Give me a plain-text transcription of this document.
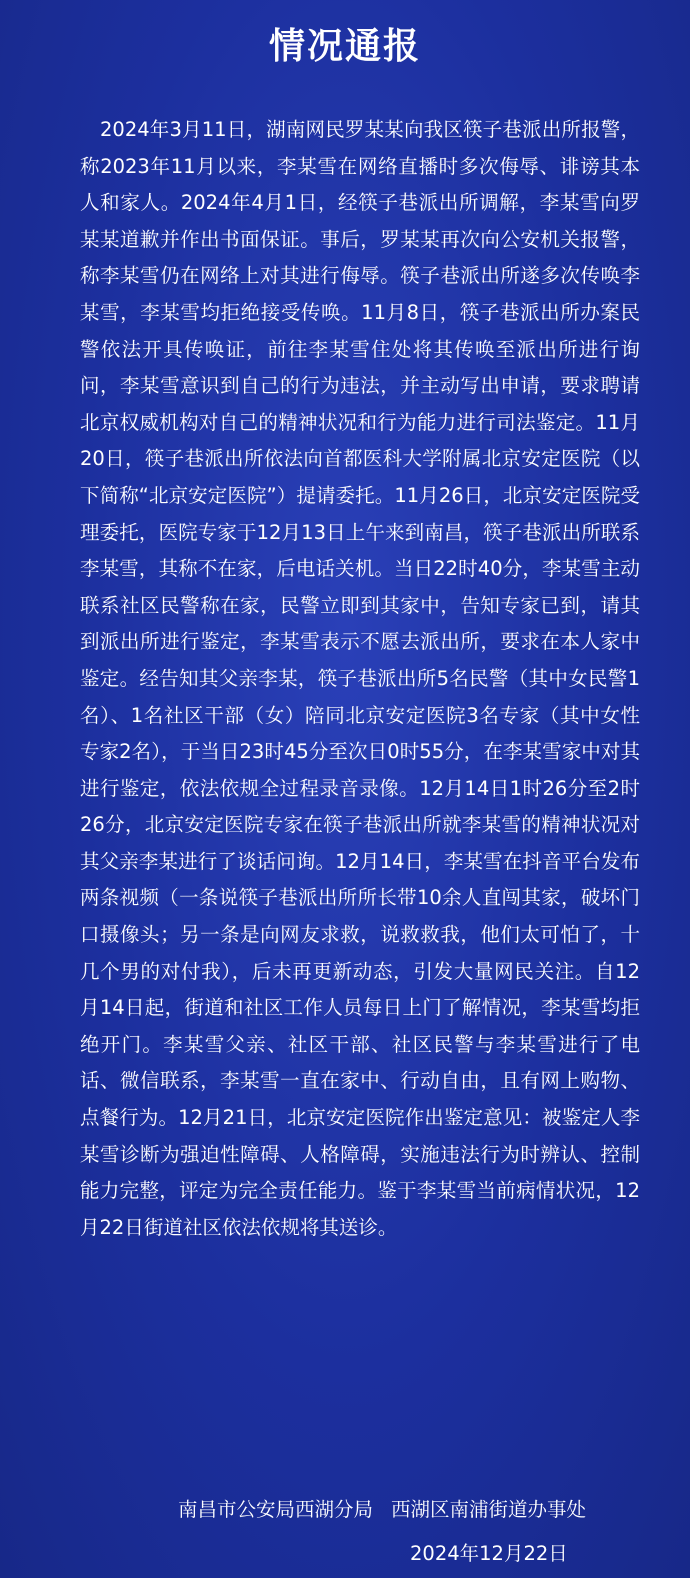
情况通报
2024年3月11日，湖南网民罗某某向我区筷子巷派出所报警，称2023年11月以来，李某雪在网络直播时多次侮辱、诽谤其本人和家人。2024年4月1日，经筷子巷派出所调解，李某雪向罗某某道歉并作出书面保证。事后，罗某某再次向公安机关报警，称李某雪仍在网络上对其进行侮辱。筷子巷派出所遂多次传唤李某雪，李某雪均拒绝接受传唤。11月8日，筷子巷派出所办案民警依法开具传唤证，前往李某雪住处将其传唤至派出所进行询问，李某雪意识到自己的行为违法，并主动写出申请，要求聘请北京权威机构对自己的精神状况和行为能力进行司法鉴定。11月20日，筷子巷派出所依法向首都医科大学附属北京安定医院（以下简称“北京安定医院”）提请委托。11月26日，北京安定医院受理委托，医院专家于12月13日上午来到南昌，筷子巷派出所联系李某雪，其称不在家，后电话关机。当日22时40分，李某雪主动联系社区民警称在家，民警立即到其家中，告知专家已到，请其到派出所进行鉴定，李某雪表示不愿去派出所，要求在本人家中鉴定。经告知其父亲李某，筷子巷派出所5名民警（其中女民警1名）、1名社区干部（女）陪同北京安定医院3名专家（其中女性专家2名），于当日23时45分至次日0时55分，在李某雪家中对其进行鉴定，依法依规全过程录音录像。12月14日1时26分至2时26分，北京安定医院专家在筷子巷派出所就李某雪的精神状况对其父亲李某进行了谈话问询。12月14日，李某雪在抖音平台发布两条视频（一条说筷子巷派出所所长带10余人直闯其家，破坏门口摄像头；另一条是向网友求救，说救救我，他们太可怕了，十几个男的对付我），后未再更新动态，引发大量网民关注。自12月14日起，街道和社区工作人员每日上门了解情况，李某雪均拒绝开门。李某雪父亲、社区干部、社区民警与李某雪进行了电话、微信联系，李某雪一直在家中、行动自由，且有网上购物、点餐行为。12月21日，北京安定医院作出鉴定意见：被鉴定人李某雪诊断为强迫性障碍、人格障碍，实施违法行为时辨认、控制能力完整，评定为完全责任能力。鉴于李某雪当前病情状况，12月22日街道社区依法依规将其送诊。
南昌市公安局西湖分局 西湖区南浦街道办事处
2024年12月22日
